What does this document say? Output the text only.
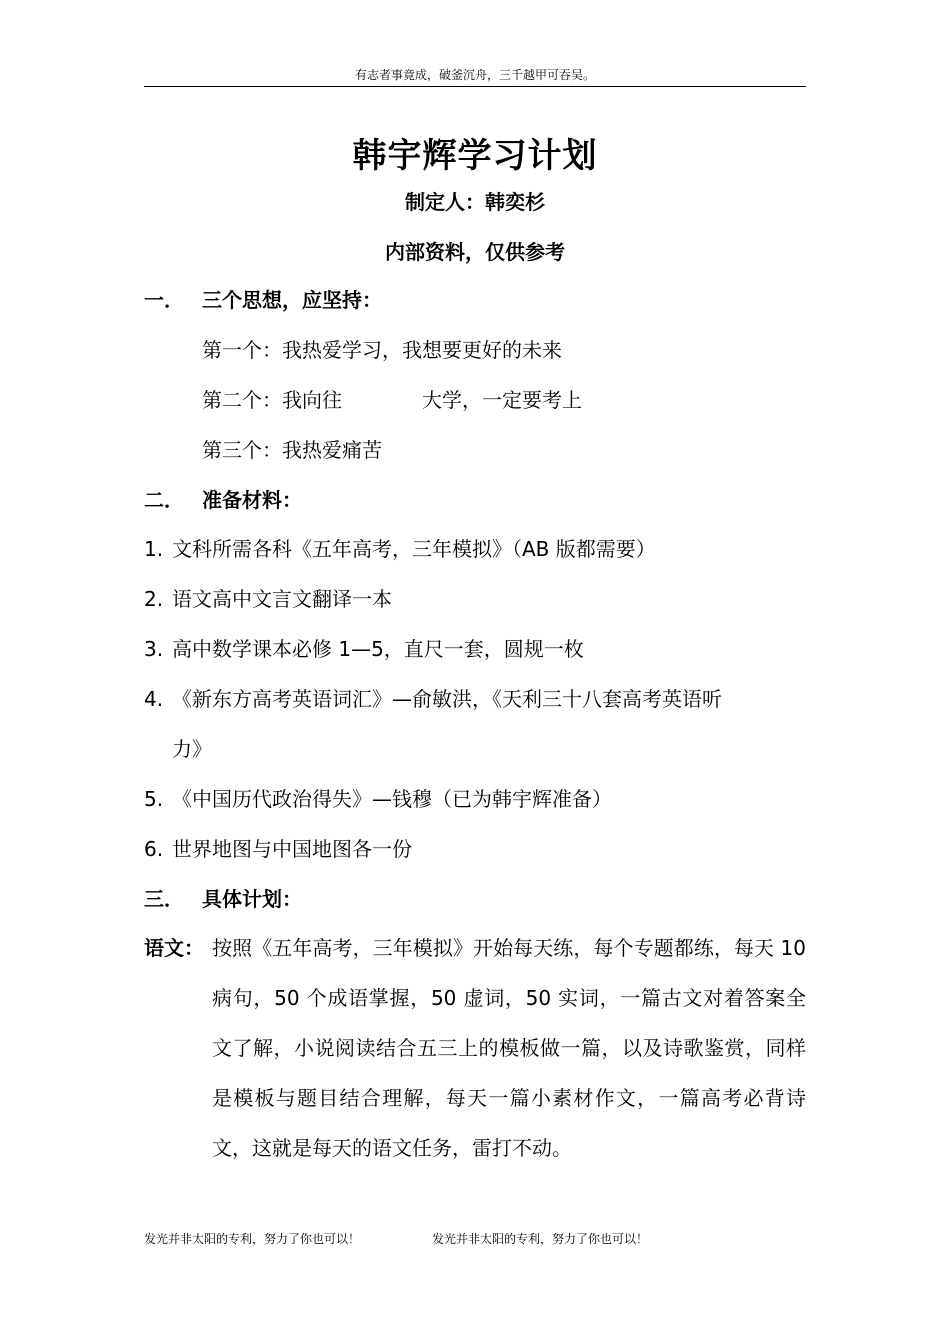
有志者事竟成，破釜沉舟，三千越甲可吞吴。
韩宇辉学习计划
制定人：韩奕杉
内部资料，仅供参考
一． 三个思想，应坚持：
第一个：我热爱学习，我想要更好的未来
第二个：我向往	大学，一定要考上
第三个：我热爱痛苦
二． 准备材料：
1. 文科所需各科《五年高考，三年模拟》（AB 版都需要）
2. 语文高中文言文翻译一本
3. 高中数学课本必修 1—5，直尺一套，圆规一枚
4. 《新东方高考英语词汇》—俞敏洪，《天利三十八套高考英语听
力》
5. 《中国历代政治得失》—钱穆（已为韩宇辉准备）
6. 世界地图与中国地图各一份
三． 具体计划：
语文： 按照《五年高考，三年模拟》开始每天练，每个专题都练，每天 10 病句，50 个成语掌握，50 虚词，50 实词，一篇古文对着答案全文了解，小说阅读结合五三上的模板做一篇，以及诗歌鉴赏，同样是模板与题目结合理解，每天一篇小素材作文，一篇高考必背诗文，这就是每天的语文任务，雷打不动。
发光并非太阳的专利，努力了你也可以！	发光并非太阳的专利，努力了你也可以！
